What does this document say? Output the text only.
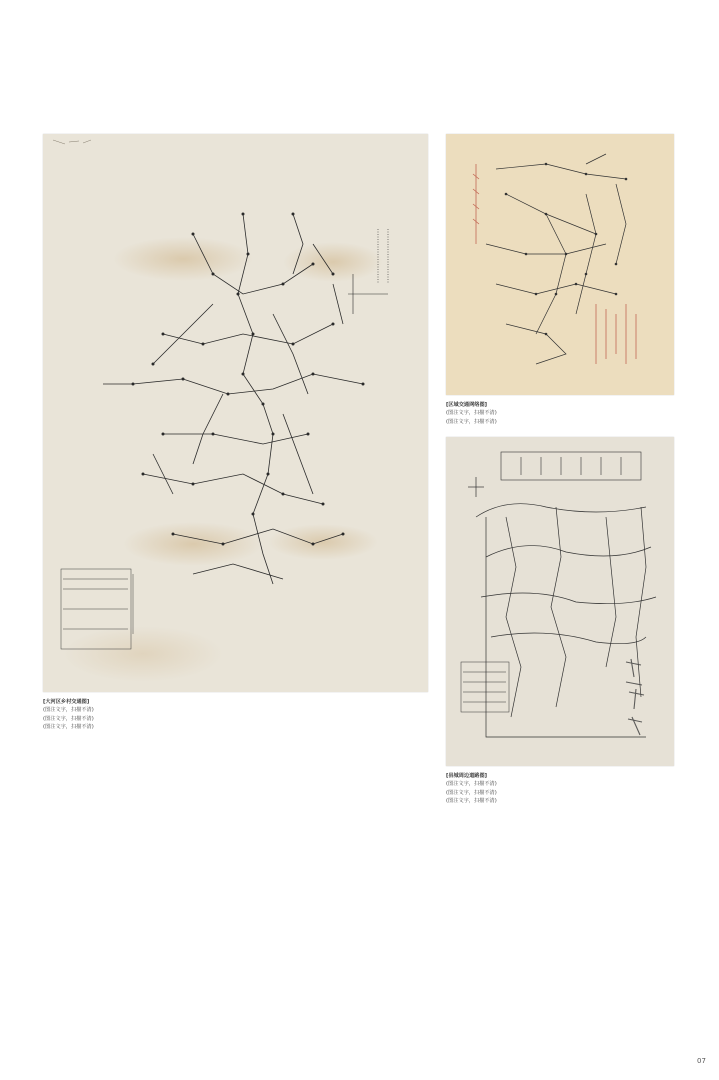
[大河区乡村交通图]

(图注文字，扫描不清)

(图注文字，扫描不清)

(图注文字，扫描不清)

[区域交通网络图]

(图注文字，扫描不清)

(图注文字，扫描不清)

[县城周边道路图]

(图注文字，扫描不清)

(图注文字，扫描不清)

(图注文字，扫描不清)

07
